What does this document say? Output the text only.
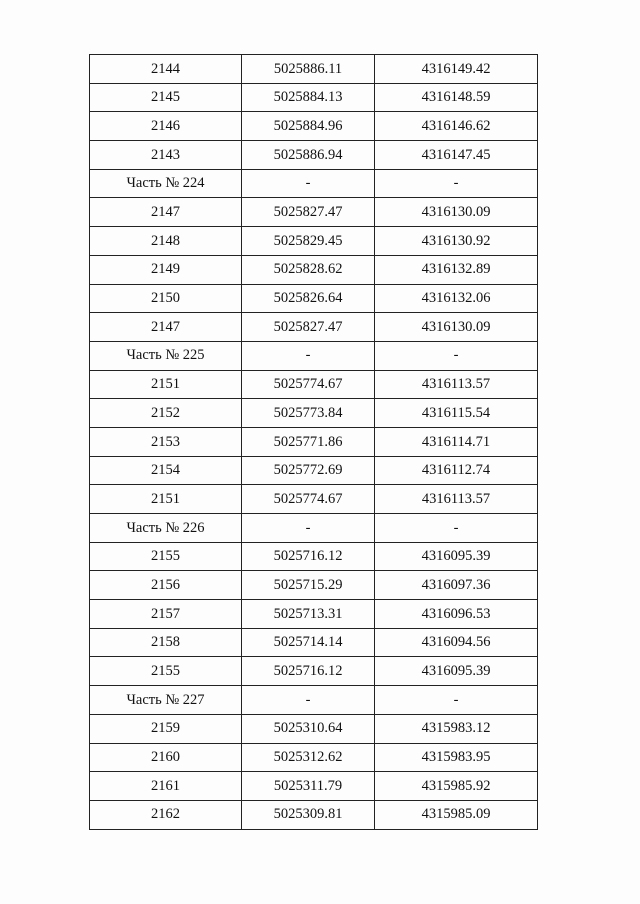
2144	5025886.11	4316149.42
2145	5025884.13	4316148.59
2146	5025884.96	4316146.62
2143	5025886.94	4316147.45
Часть № 224	-	-
2147	5025827.47	4316130.09
2148	5025829.45	4316130.92
2149	5025828.62	4316132.89
2150	5025826.64	4316132.06
2147	5025827.47	4316130.09
Часть № 225	-	-
2151	5025774.67	4316113.57
2152	5025773.84	4316115.54
2153	5025771.86	4316114.71
2154	5025772.69	4316112.74
2151	5025774.67	4316113.57
Часть № 226	-	-
2155	5025716.12	4316095.39
2156	5025715.29	4316097.36
2157	5025713.31	4316096.53
2158	5025714.14	4316094.56
2155	5025716.12	4316095.39
Часть № 227	-	-
2159	5025310.64	4315983.12
2160	5025312.62	4315983.95
2161	5025311.79	4315985.92
2162	5025309.81	4315985.09
